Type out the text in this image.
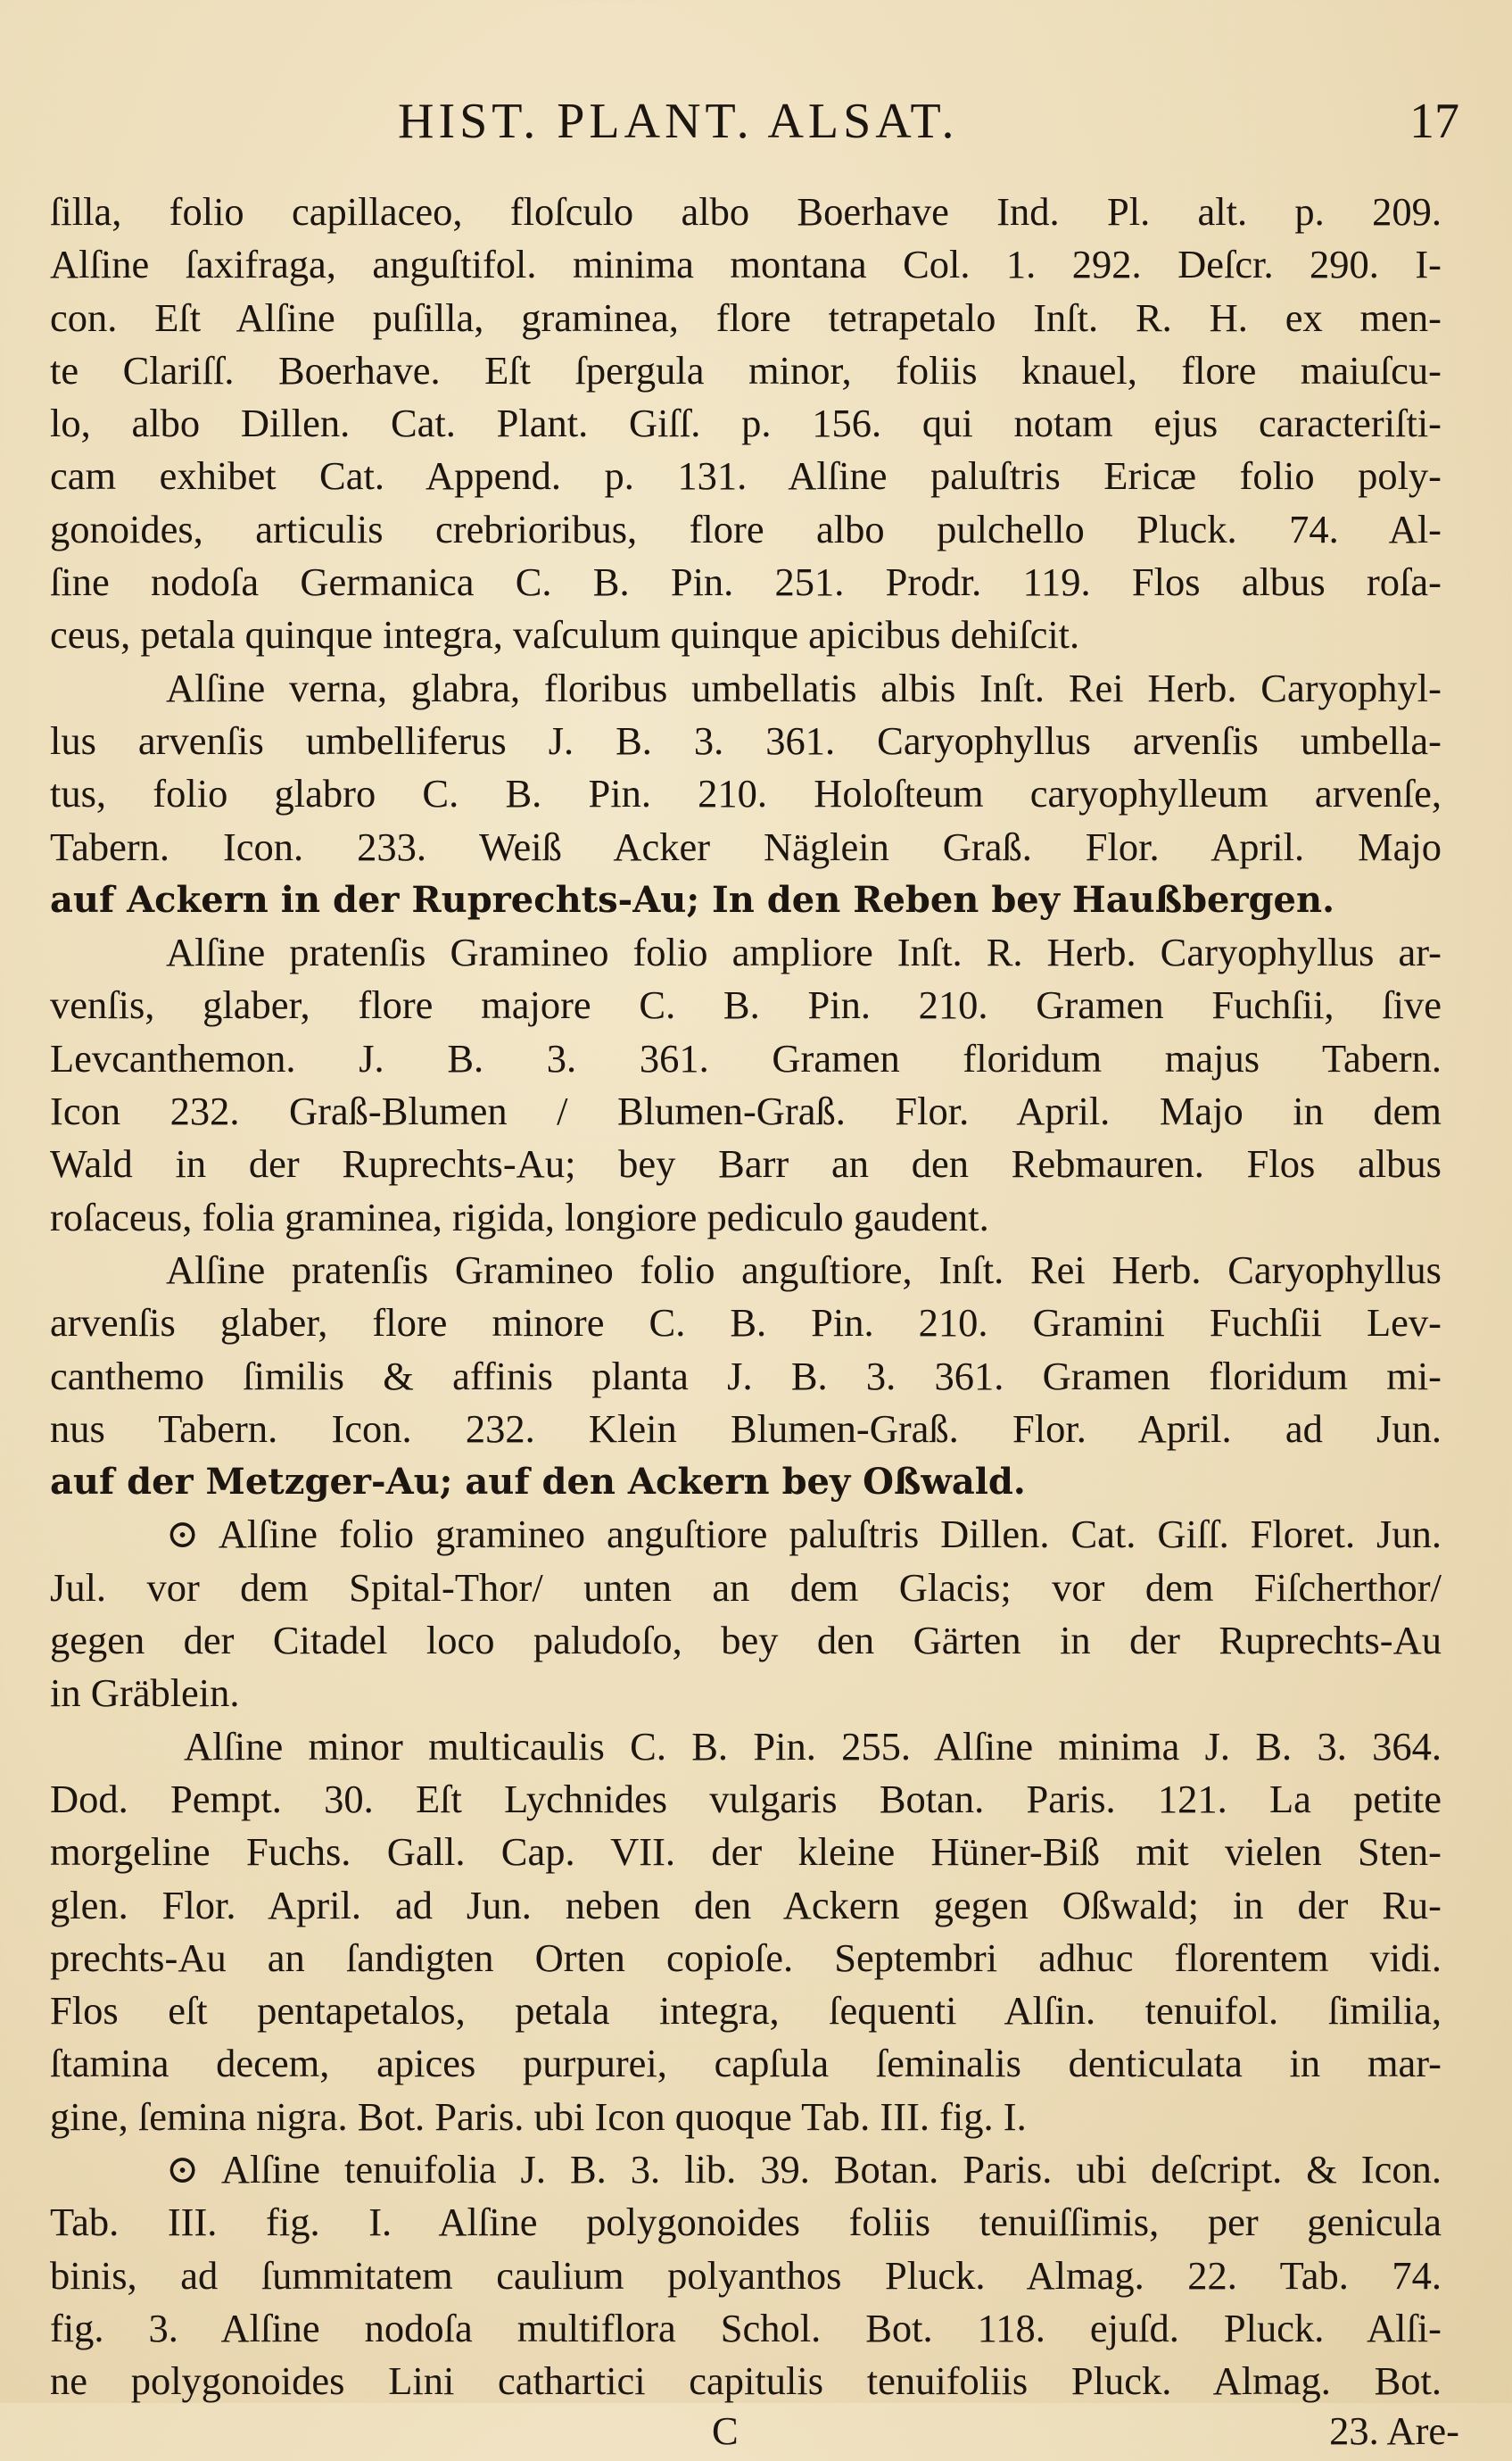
HIST. PLANT. ALSAT.	17
ſilla, folio capillaceo, floſculo albo Boerhave Ind. Pl. alt. p. 209.
Alſine ſaxifraga, anguſtifol. minima montana Col. 1. 292. Deſcr. 290. I-
con. Eſt Alſine puſilla, graminea, flore tetrapetalo Inſt. R. H. ex men-
te Clariſſ. Boerhave. Eſt ſpergula minor, foliis knauel, flore maiuſcu-
lo, albo Dillen. Cat. Plant. Giſſ. p. 156. qui notam ejus caracteriſti-
cam exhibet Cat. Append. p. 131. Alſine paluſtris Ericæ folio poly-
gonoides, articulis crebrioribus, flore albo pulchello Pluck. 74. Al-
ſine nodoſa Germanica C. B. Pin. 251. Prodr. 119. Flos albus roſa-
ceus, petala quinque integra, vaſculum quinque apicibus dehiſcit.
Alſine verna, glabra, floribus umbellatis albis Inſt. Rei Herb. Caryophyl-
lus arvenſis umbelliferus J. B. 3. 361. Caryophyllus arvenſis umbella-
tus, folio glabro C. B. Pin. 210. Holoſteum caryophylleum arvenſe,
Tabern. Icon. 233. Weiß Acker Näglein Graß. Flor. April. Majo
auf Ackern in der Ruprechts-Au; In den Reben bey Haußbergen.
Alſine pratenſis Gramineo folio ampliore Inſt. R. Herb. Caryophyllus ar-
venſis, glaber, flore majore C. B. Pin. 210. Gramen Fuchſii, ſive
Levcanthemon. J. B. 3. 361. Gramen floridum majus Tabern.
Icon 232. Graß-Blumen / Blumen-Graß. Flor. April. Majo in dem
Wald in der Ruprechts-Au; bey Barr an den Rebmauren. Flos albus
roſaceus, folia graminea, rigida, longiore pediculo gaudent.
Alſine pratenſis Gramineo folio anguſtiore, Inſt. Rei Herb. Caryophyllus
arvenſis glaber, flore minore C. B. Pin. 210. Gramini Fuchſii Lev-
canthemo ſimilis & affinis planta J. B. 3. 361. Gramen floridum mi-
nus Tabern. Icon. 232. Klein Blumen-Graß. Flor. April. ad Jun.
auf der Metzger-Au; auf den Ackern bey Oßwald.
⊙ Alſine folio gramineo anguſtiore paluſtris Dillen. Cat. Giſſ. Floret. Jun.
Jul. vor dem Spital-Thor/ unten an dem Glacis; vor dem Fiſcherthor/
gegen der Citadel loco paludoſo, bey den Gärten in der Ruprechts-Au
in Gräblein.
Alſine minor multicaulis C. B. Pin. 255. Alſine minima J. B. 3. 364.
Dod. Pempt. 30. Eſt Lychnides vulgaris Botan. Paris. 121. La petite
morgeline Fuchs. Gall. Cap. VII. der kleine Hüner-Biß mit vielen Sten-
glen. Flor. April. ad Jun. neben den Ackern gegen Oßwald; in der Ru-
prechts-Au an ſandigten Orten copioſe. Septembri adhuc florentem vidi.
Flos eſt pentapetalos, petala integra, ſequenti Alſin. tenuifol. ſimilia,
ſtamina decem, apices purpurei, capſula ſeminalis denticulata in mar-
gine, ſemina nigra. Bot. Paris. ubi Icon quoque Tab. III. fig. I.
⊙ Alſine tenuifolia J. B. 3. lib. 39. Botan. Paris. ubi deſcript. & Icon.
Tab. III. fig. I. Alſine polygonoides foliis tenuiſſimis, per genicula
binis, ad ſummitatem caulium polyanthos Pluck. Almag. 22. Tab. 74.
fig. 3. Alſine nodoſa multiflora Schol. Bot. 118. ejuſd. Pluck. Alſi-
ne polygonoides Lini cathartici capitulis tenuifoliis Pluck. Almag. Bot.
C	23. Are-
